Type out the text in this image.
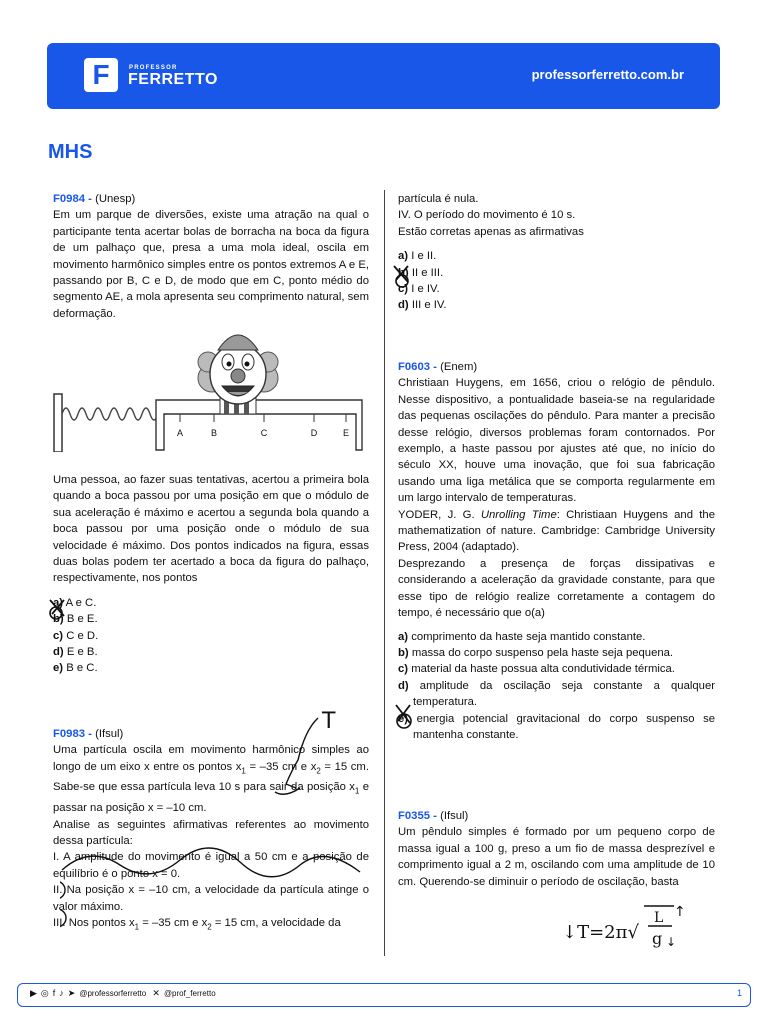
F	PROFESSOR
FERRETTO	professorferretto.com.br
MHS

F0984 - (Unesp)

Em um parque de diversões, existe uma atração na qual o participante tenta acertar bolas de borracha na boca da figura de um palhaço que, presa a uma mola ideal, oscila em movimento harmônico simples entre os pontos extremos A e E, passando por B, C e D, de modo que em C, ponto médio do segmento AE, a mola apresenta seu comprimento natural, sem deformação.

A	B	C	D	E

Uma pessoa, ao fazer suas tentativas, acertou a primeira bola quando a boca passou por uma posição em que o módulo de sua aceleração é máximo e acertou a segunda bola quando a boca passou por uma posição onde o módulo de sua velocidade é máximo. Dos pontos indicados na figura, essas duas bolas podem ter acertado a boca da figura do palhaço, respectivamente, nos pontos

a) A e C.

b) B e E.

c) C e D.

d) E e B.

e) B e C.

F0983 - (Ifsul)

Uma partícula oscila em movimento harmônico simples ao longo de um eixo x entre os pontos $x_1 = -35$ cm e $x_2 = 15$ cm. Sabe-se que essa partícula leva 10 s para sair da posição $x_1$ e passar na posição x = –10 cm.

Analise as seguintes afirmativas referentes ao movimento dessa partícula:

I. A amplitude do movimento é igual a 50 cm e a posição de equilíbrio é o ponto x = 0.

II. Na posição x = –10 cm, a velocidade da partícula atinge o valor máximo.

III. Nos pontos $x_1 = -35$ cm e $x_2 = 15$ cm, a velocidade da

T

partícula é nula.

IV. O período do movimento é 10 s.

Estão corretas apenas as afirmativas

a) I e II.

b) II e III.

c) I e IV.

d) III e IV.

F0603 - (Enem)

Christiaan Huygens, em 1656, criou o relógio de pêndulo. Nesse dispositivo, a pontualidade baseia-se na regularidade das pequenas oscilações do pêndulo. Para manter a precisão desse relógio, diversos problemas foram contornados. Por exemplo, a haste passou por ajustes até que, no início do século XX, houve uma inovação, que foi sua fabricação usando uma liga metálica que se comporta regularmente em um largo intervalo de temperaturas.

YODER, J. G. Unrolling Time: Christiaan Huygens and the mathematization of nature. Cambridge: Cambridge University Press, 2004 (adaptado).

Desprezando a presença de forças dissipativas e considerando a aceleração da gravidade constante, para que esse tipo de relógio realize corretamente a contagem do tempo, é necessário que o(a)

a) comprimento da haste seja mantido constante.

b) massa do corpo suspenso pela haste seja pequena.

c) material da haste possua alta condutividade térmica.

d) amplitude da oscilação seja constante a qualquer temperatura.

e) energia potencial gravitacional do corpo suspenso se mantenha constante.

F0355 - (Ifsul)

Um pêndulo simples é formado por um pequeno corpo de massa igual a 100 g, preso a um fio de massa desprezível e comprimento igual a 2 m, oscilando com uma amplitude de 10 cm. Querendo-se diminuir o período de oscilação, basta

↓T=2π√
L
g
↑
↓
▶ ◎ f ♪ ➤ @professorferretto ✕ @prof_ferretto	1
